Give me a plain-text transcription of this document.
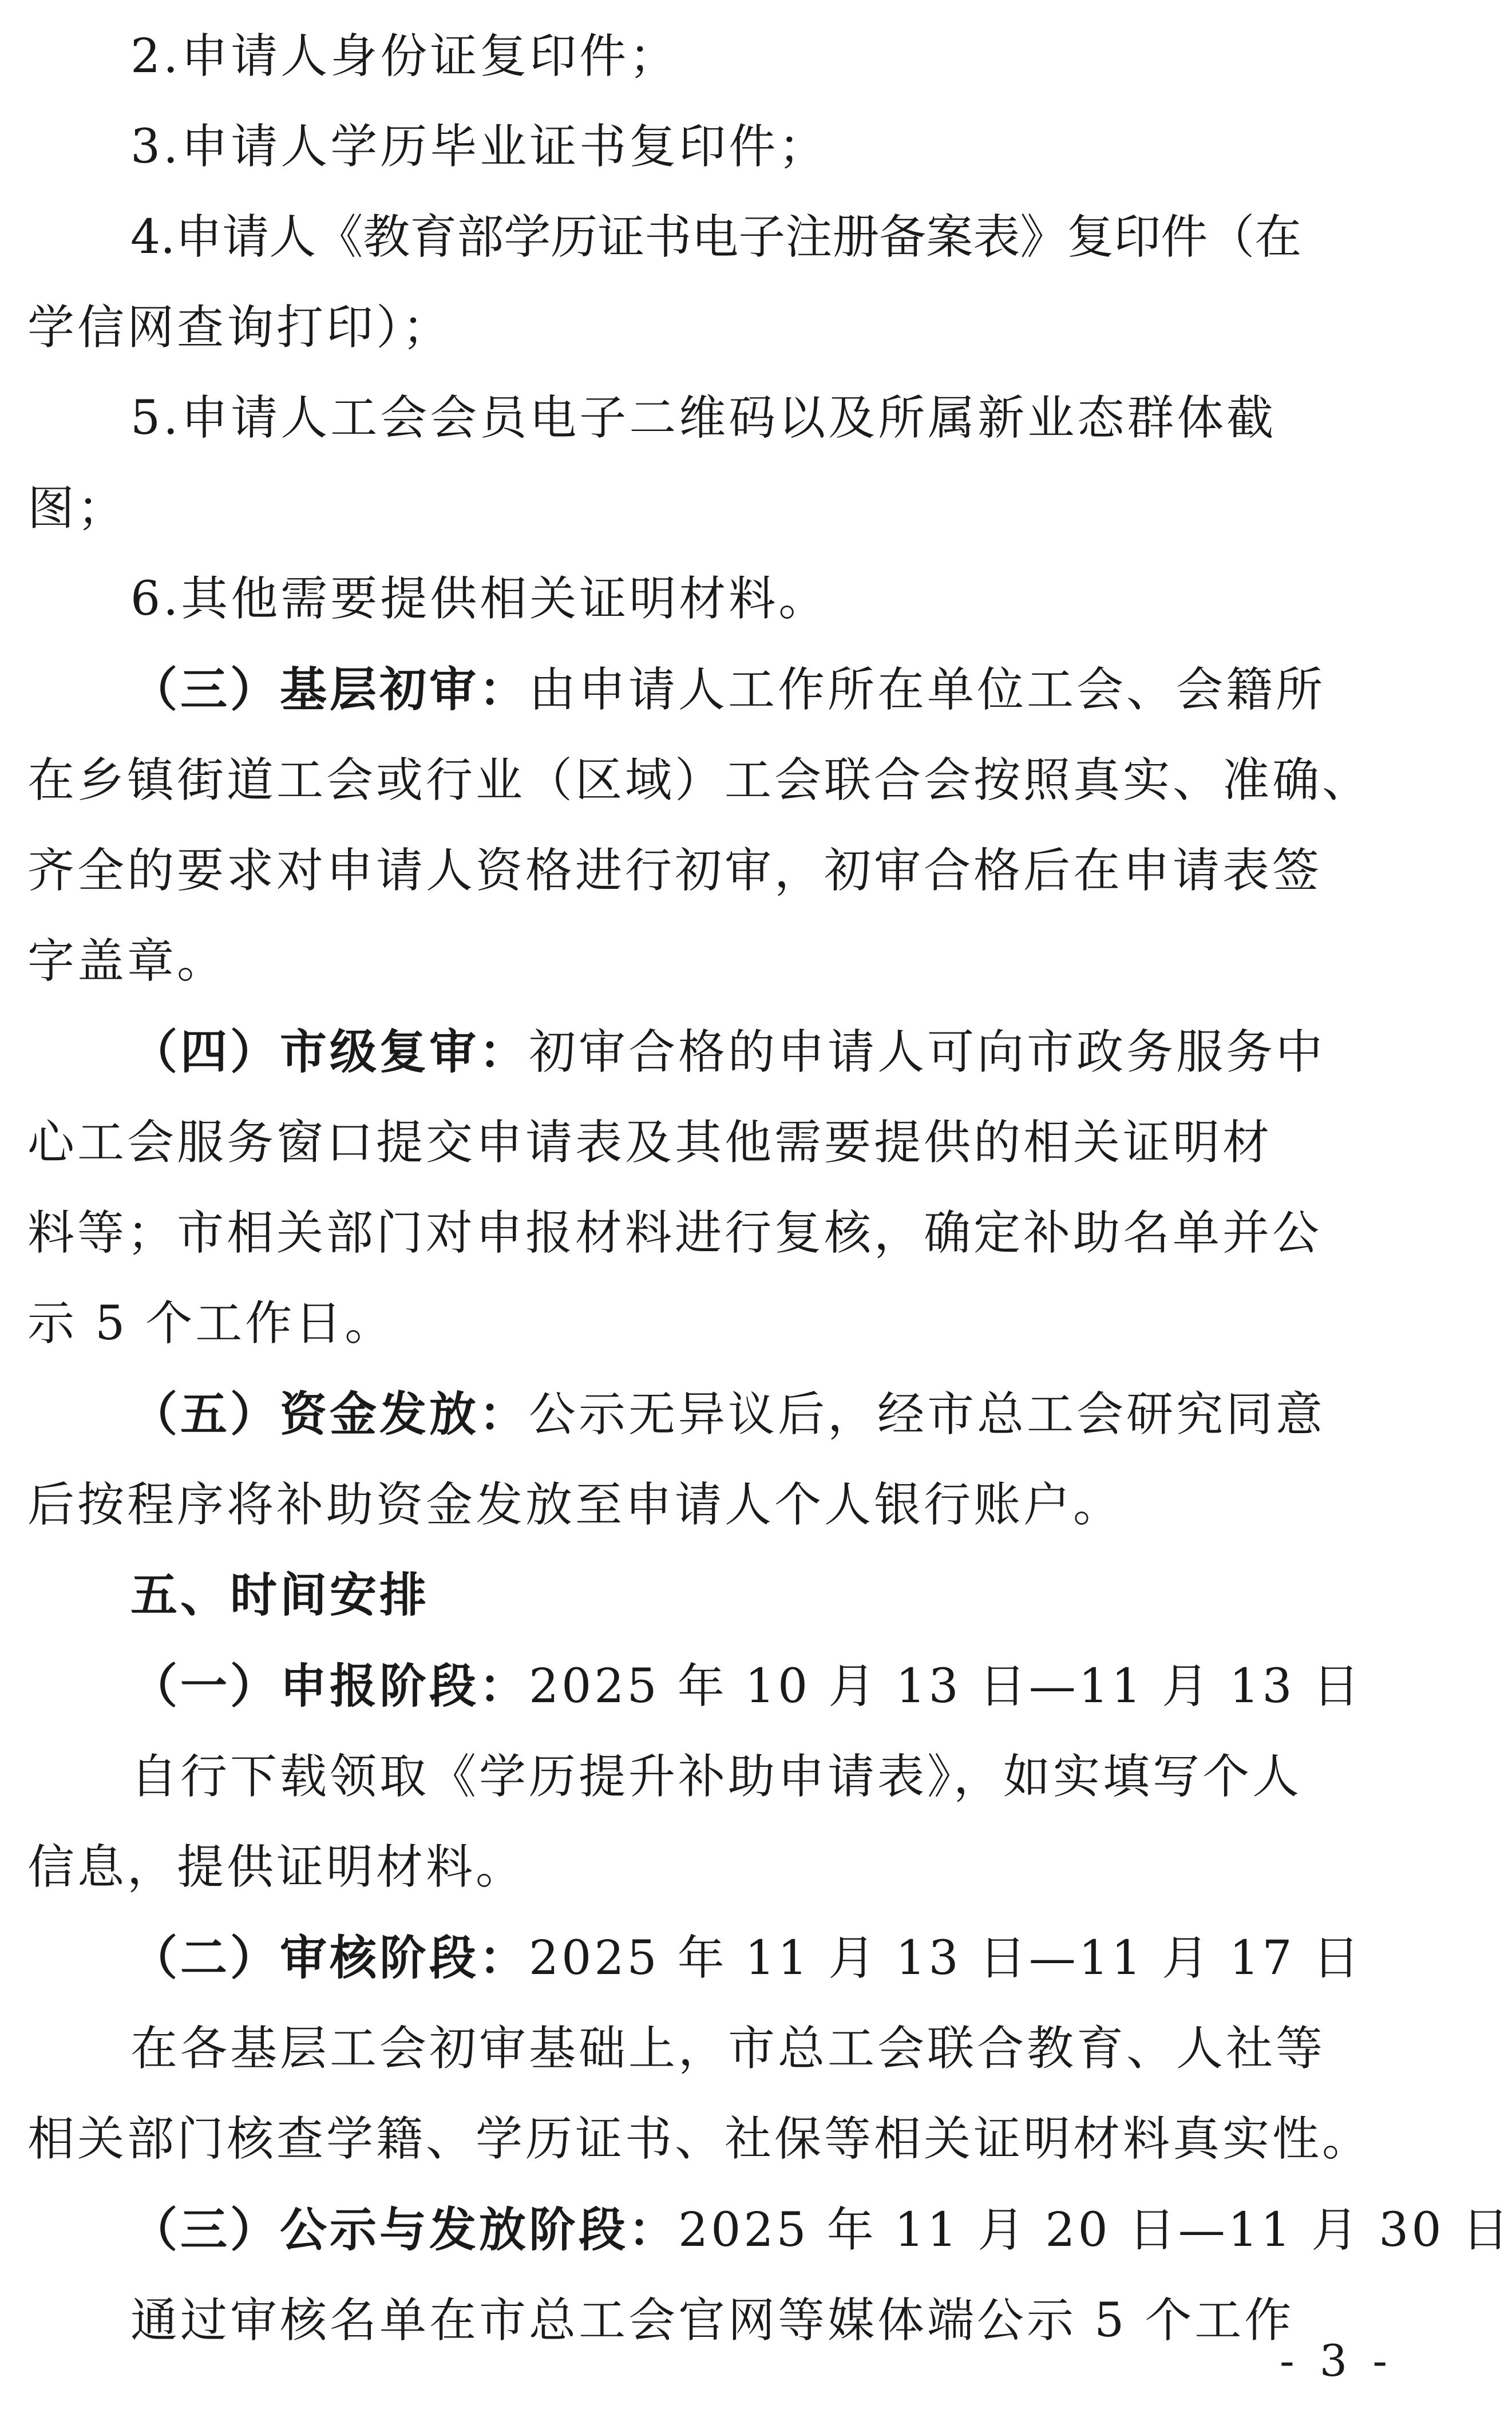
2.申请人身份证复印件；
3.申请人学历毕业证书复印件；
4.申请人《教育部学历证书电子注册备案表》复印件（在
学信网查询打印）；
5.申请人工会会员电子二维码以及所属新业态群体截
图；
6.其他需要提供相关证明材料。
（三）基层初审：由申请人工作所在单位工会、会籍所
在乡镇街道工会或行业（区域）工会联合会按照真实、准确、
齐全的要求对申请人资格进行初审，初审合格后在申请表签
字盖章。
（四）市级复审：初审合格的申请人可向市政务服务中
心工会服务窗口提交申请表及其他需要提供的相关证明材
料等；市相关部门对申报材料进行复核，确定补助名单并公
示 5 个工作日。
（五）资金发放：公示无异议后，经市总工会研究同意
后按程序将补助资金发放至申请人个人银行账户。
五、时间安排
（一）申报阶段：2025 年 10 月 13 日—11 月 13 日
自行下载领取《学历提升补助申请表》，如实填写个人
信息，提供证明材料。
（二）审核阶段：2025 年 11 月 13 日—11 月 17 日
在各基层工会初审基础上，市总工会联合教育、人社等
相关部门核查学籍、学历证书、社保等相关证明材料真实性。
（三）公示与发放阶段：2025 年 11 月 20 日—11 月 30 日
通过审核名单在市总工会官网等媒体端公示 5 个工作
- 3 -
